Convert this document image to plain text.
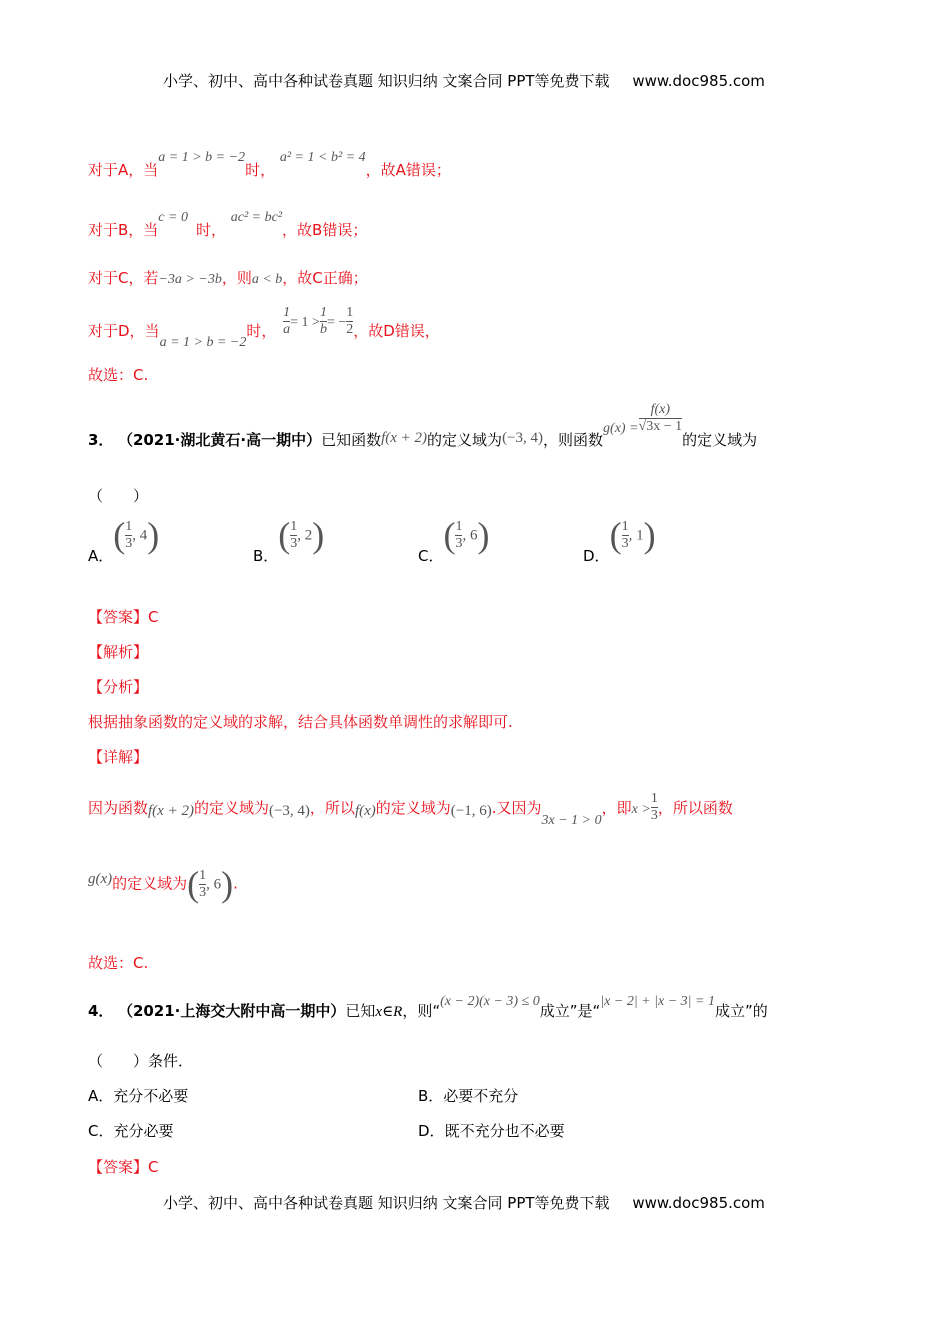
小学、初中、高中各种试卷真题 知识归纳 文案合同 PPT等免费下载 www.doc985.com
对于A，当a = 1 > b = −2时， a² = 1 < b² = 4，故A错误；
对于B，当c = 0时， ac² = bc²，故B错误；
对于C，若−3a > −3b，则a < b，故C正确；
对于D，当a = 1 > b = −2时， $\frac{1}{a} = 1 > \frac{1}{b}$ = − $\frac{1}{2}$ ，故D错误，
故选：C.
3． （2021·湖北黄石·高一期中）已知函数f(x + 2)的定义域为(−3, 4)，则函数$g(x) = \frac{f(x)}{√3x - 1}$
的定义域为
（　　）
A．( $\frac{1}{3}$ , 4)
B．( $\frac{1}{3}$ , 2)
C．( $\frac{1}{3}$ , 6)
D．( $\frac{1}{3}$ , 1)
【答案】C
【解析】
【分析】
根据抽象函数的定义域的求解，结合具体函数单调性的求解即可.
【详解】
因为函数f(x + 2)的定义域为(−3, 4)，所以f(x)的定义域为(−1, 6).又因为3x − 1 > 0，即$x > \frac{1}{3}$ ，所以函数
g(x)的定义域为( $\frac{1}{3}$ , 6).
故选：C.
4． （2021·上海交大附中高一期中）已知x∈R，则“(x − 2)(x − 3) ≤ 0成立”是“|x − 2| + |x − 3| = 1成立”的
（　　）条件．
A．充分不必要	B．必要不充分
C．充分必要	D．既不充分也不必要
【答案】C
小学、初中、高中各种试卷真题 知识归纳 文案合同 PPT等免费下载 www.doc985.com
